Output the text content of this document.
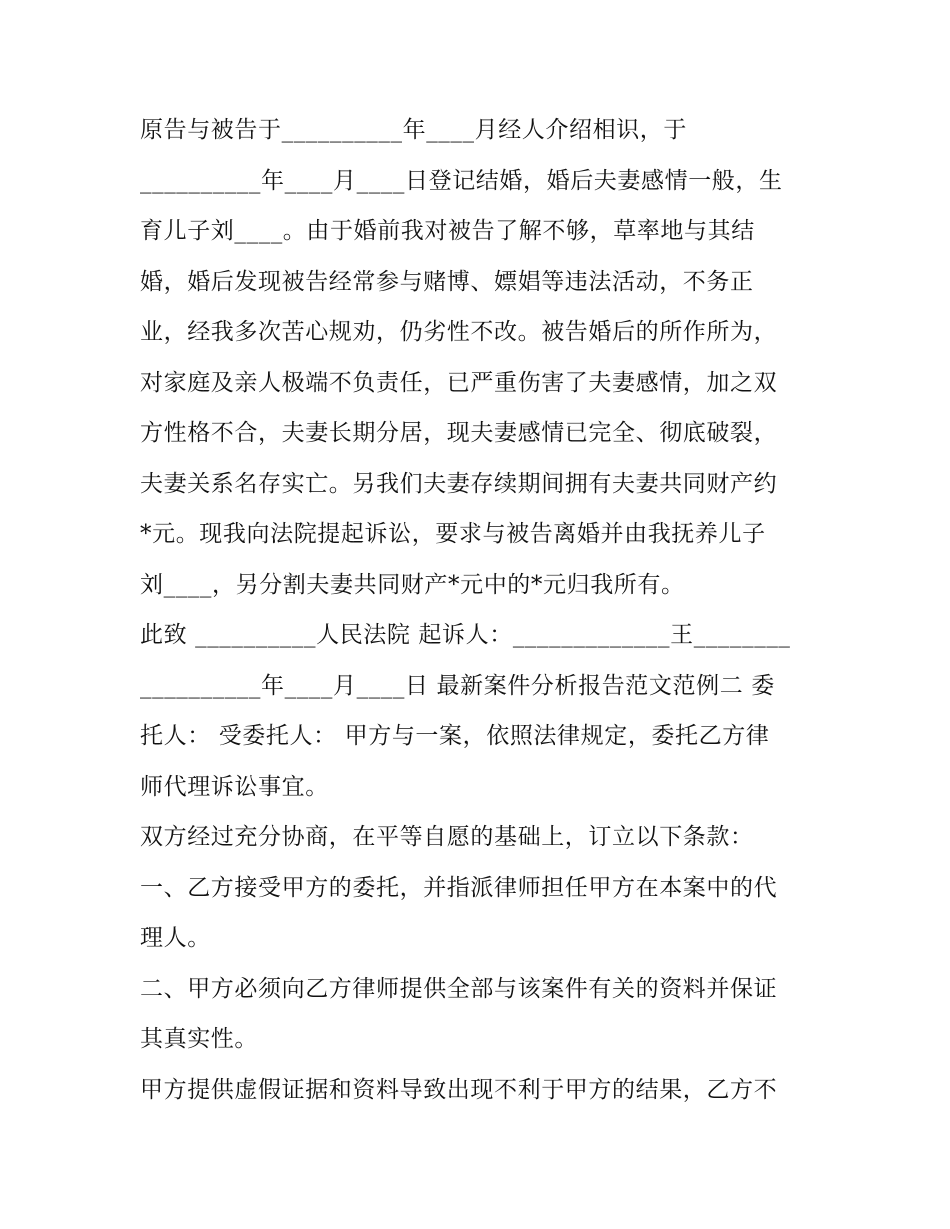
原告与被告于__________年____月经人介绍相识，于
__________年____月____日登记结婚，婚后夫妻感情一般，生
育儿子刘____。由于婚前我对被告了解不够，草率地与其结
婚，婚后发现被告经常参与赌博、嫖娼等违法活动，不务正
业，经我多次苦心规劝，仍劣性不改。被告婚后的所作所为，
对家庭及亲人极端不负责任，已严重伤害了夫妻感情，加之双
方性格不合，夫妻长期分居，现夫妻感情已完全、彻底破裂，
夫妻关系名存实亡。另我们夫妻存续期间拥有夫妻共同财产约
*元。现我向法院提起诉讼，要求与被告离婚并由我抚养儿子
刘____，另分割夫妻共同财产*元中的*元归我所有。
此致 __________人民法院 起诉人：_____________王________
__________年____月____日 最新案件分析报告范文范例二 委
托人： 受委托人： 甲方与一案，依照法律规定，委托乙方律
师代理诉讼事宜。
双方经过充分协商，在平等自愿的基础上，订立以下条款：
一、乙方接受甲方的委托，并指派律师担任甲方在本案中的代
理人。
二、甲方必须向乙方律师提供全部与该案件有关的资料并保证
其真实性。
甲方提供虚假证据和资料导致出现不利于甲方的结果，乙方不
